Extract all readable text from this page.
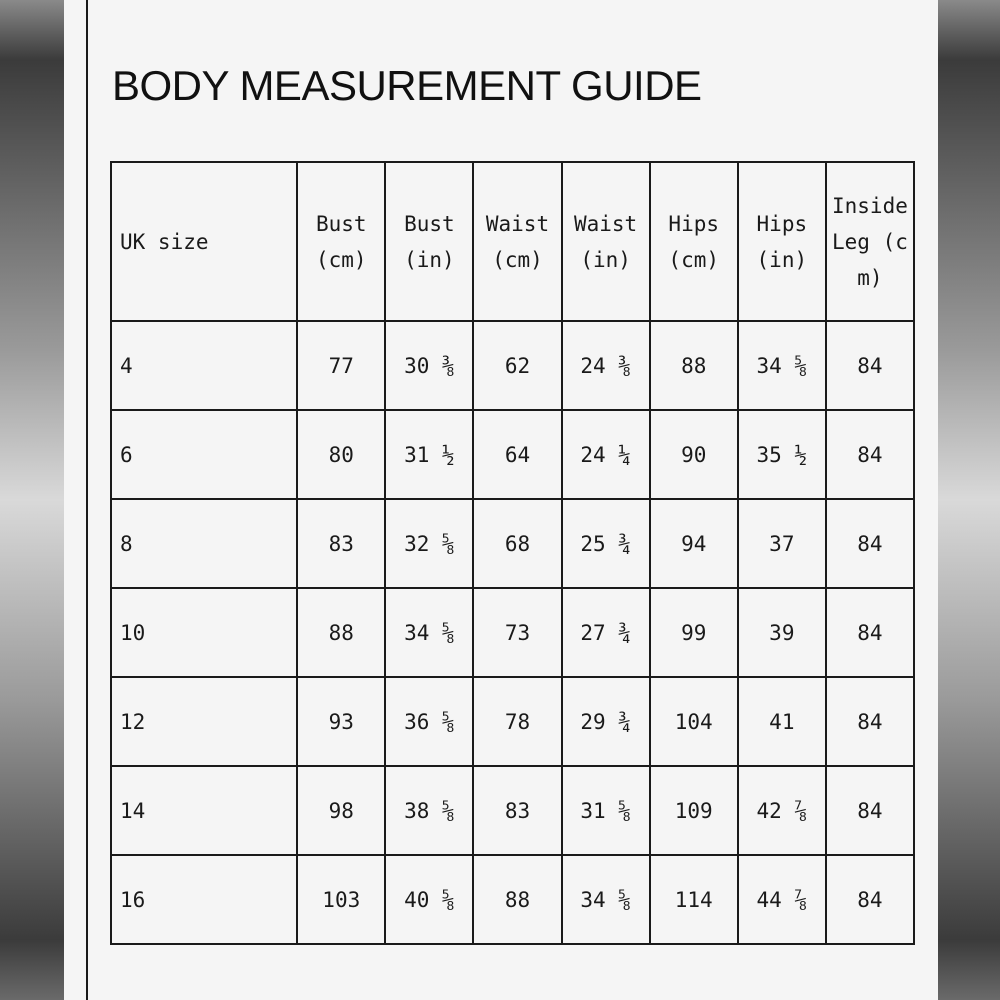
BODY MEASUREMENT GUIDE
UK size	Bust (cm)	Bust (in)	Waist (cm)	Waist (in)	Hips (cm)	Hips (in)	Inside Leg (cm)
4	77	30 ⅜	62	24 ⅜	88	34 ⅝	84
6	80	31 ½	64	24 ¼	90	35 ½	84
8	83	32 ⅝	68	25 ¾	94	37	84
10	88	34 ⅝	73	27 ¾	99	39	84
12	93	36 ⅝	78	29 ¾	104	41	84
14	98	38 ⅝	83	31 ⅝	109	42 ⅞	84
16	103	40 ⅝	88	34 ⅝	114	44 ⅞	84
